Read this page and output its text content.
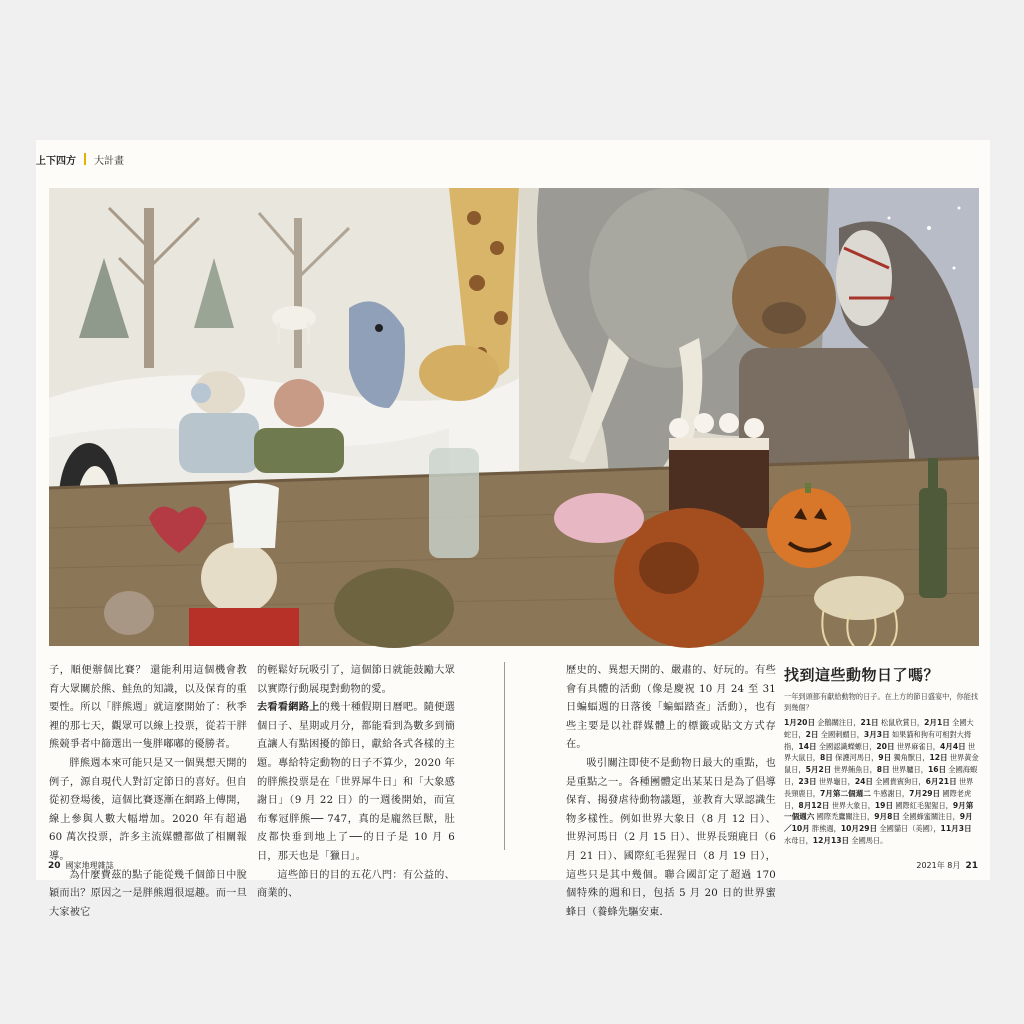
上下四方 大計畫

子，順便辦個比賽？ 還能利用這個機會教育大眾關於熊、鮭魚的知識，以及保育的重要性。所以「胖熊週」就這麼開始了：秋季裡的那七天，觀眾可以線上投票，從若干胖熊競爭者中篩選出一隻胖嘟嘟的優勝者。

胖熊週本來可能只是又一個異想天開的例子，源自現代人對訂定節日的喜好。但自從初登場後，這個比賽逐漸在網路上傳開，線上參與人數大幅增加。2020 年有超過 60 萬次投票，許多主流媒體都做了相關報導。

為什麼費茲的點子能從幾千個節日中脫穎而出？原因之一是胖熊週很逗趣。而一旦大家被它

的輕鬆好玩吸引了，這個節日就能鼓勵大眾以實際行動展現對動物的愛。

去看看網路上的幾十種假期日曆吧。隨便選個日子、星期或月分，都能看到為數多到簡直讓人有點困擾的節日，獻給各式各樣的主題。專給特定動物的日子不算少，2020 年的胖熊投票是在「世界犀牛日」和「大象感謝日」（9 月 22 日）的一週後開始，而宣布奪冠胖熊── 747，真的是龐然巨獸，肚皮都快垂到地上了──的日子是 10 月 6 日，那天也是「獵日」。

這些節日的目的五花八門：有公益的、商業的、

歷史的、異想天開的、嚴肅的、好玩的。有些會有具體的活動（像是慶祝 10 月 24 至 31 日蝙蝠週的日落後「蝙蝠踏查」活動），也有些主要是以社群媒體上的標籤或貼文方式存在。

吸引關注即使不是動物日最大的重點，也是重點之一。各種團體定出某某日是為了倡導保育、揭發虐待動物議題，並教育大眾認識生物多樣性。例如世界大象日（8 月 12 日）、世界河馬日（2 月 15 日）、世界長頸鹿日（6 月 21 日）、國際紅毛猩猩日（8 月 19 日），這些只是其中幾個。聯合國訂定了超過 170 個特殊的週和日，包括 5 月 20 日的世界蜜蜂日（養蜂先驅安東．

找到這些動物日了嗎？
一年到頭都有獻給動物的日子。在上方的節日盛宴中，你能找到幾個？
1月20日 企鵝關注日，21日 松鼠欣賞日，2月1日 全國大蛇日，2日 全國刺蝟日，3月3日 如果貓和狗有可相對大拇指，14日 全國認識蠑螈日，20日 世界麻雀日，4月4日 世界大鼠日，8日 保護河馬日，9日 獨角獸日，12日 世界黃金鼠日，5月2日 世界鮪魚日，8日 世界驢日，16日 全國海蝦日，23日 世界龜日，24日 全國貴賓狗日，6月21日 世界長頸鹿日，7月第二個週二 牛感謝日，7月29日 國際老虎日，8月12日 世界大象日，19日 國際紅毛猩猩日，9月第一個週六 國際禿鷹關注日，9月8日 全國蜂蜜關注日，9月／10月 胖熊週，10月29日 全國貓日（美國），11月3日 水母日，12月13日 全國馬日。
20 國家地理雜誌	2021年 8月 21
